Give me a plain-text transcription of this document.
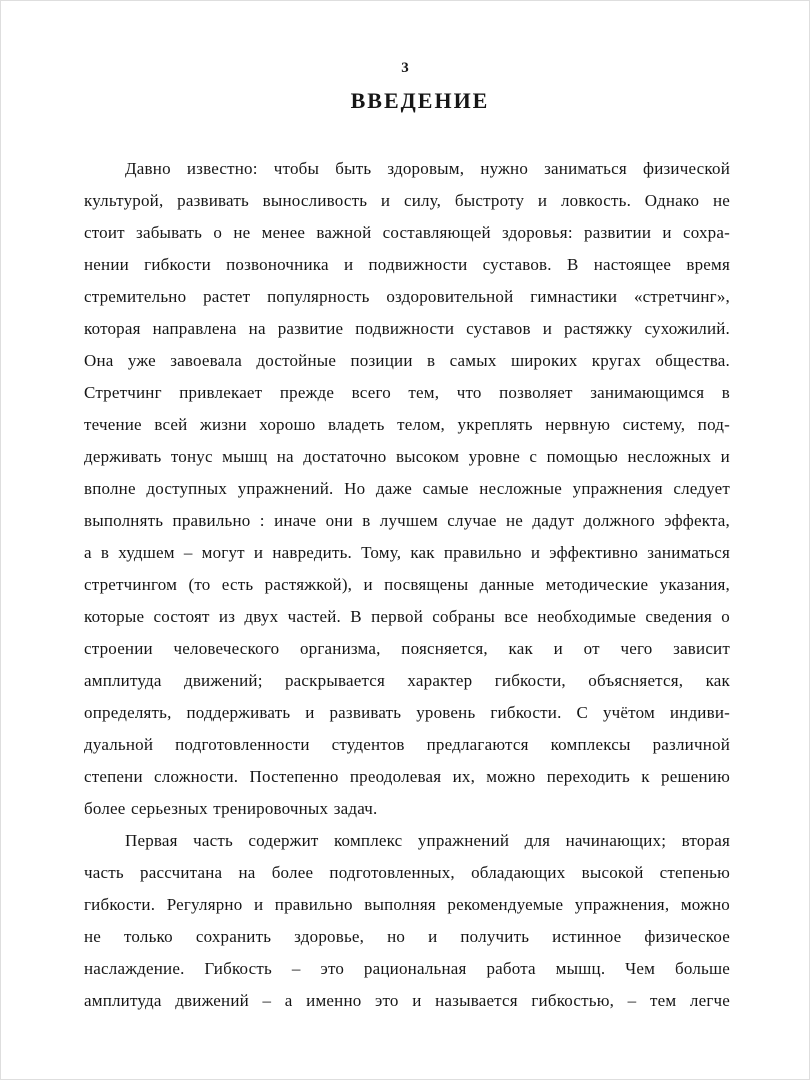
3
ВВЕДЕНИЕ
Давно известно: чтобы быть здоровым, нужно заниматься физической
культурой, развивать выносливость и силу, быстроту и ловкость. Однако не
стоит забывать о не менее важной составляющей здоровья: развитии и сохра-
нении гибкости позвоночника и подвижности суставов. В настоящее время
стремительно растет популярность оздоровительной гимнастики «стретчинг»,
которая направлена на развитие подвижности суставов и растяжку сухожилий.
Она уже завоевала достойные позиции в самых широких кругах общества.
Стретчинг привлекает прежде всего тем, что позволяет занимающимся в
течение всей жизни хорошо владеть телом, укреплять нервную систему, под-
держивать тонус мышц на достаточно высоком уровне с помощью несложных и
вполне доступных упражнений. Но даже самые несложные упражнения следует
выполнять правильно : иначе они в лучшем случае не дадут должного эффекта,
а в худшем – могут и навредить. Тому, как правильно и эффективно заниматься
стретчингом (то есть растяжкой), и посвящены данные методические указания,
которые состоят из двух частей. В первой собраны все необходимые сведения о
строении человеческого организма, поясняется, как и от чего зависит
амплитуда движений; раскрывается характер гибкости, объясняется, как
определять, поддерживать и развивать уровень гибкости. С учётом индиви-
дуальной подготовленности студентов предлагаются комплексы различной
степени сложности. Постепенно преодолевая их, можно переходить к решению
более серьезных тренировочных задач.
Первая часть содержит комплекс упражнений для начинающих; вторая
часть рассчитана на более подготовленных, обладающих высокой степенью
гибкости. Регулярно и правильно выполняя рекомендуемые упражнения, можно
не только сохранить здоровье, но и получить истинное физическое
наслаждение. Гибкость – это рациональная работа мышц. Чем больше
амплитуда движений – а именно это и называется гибкостью, – тем легче
